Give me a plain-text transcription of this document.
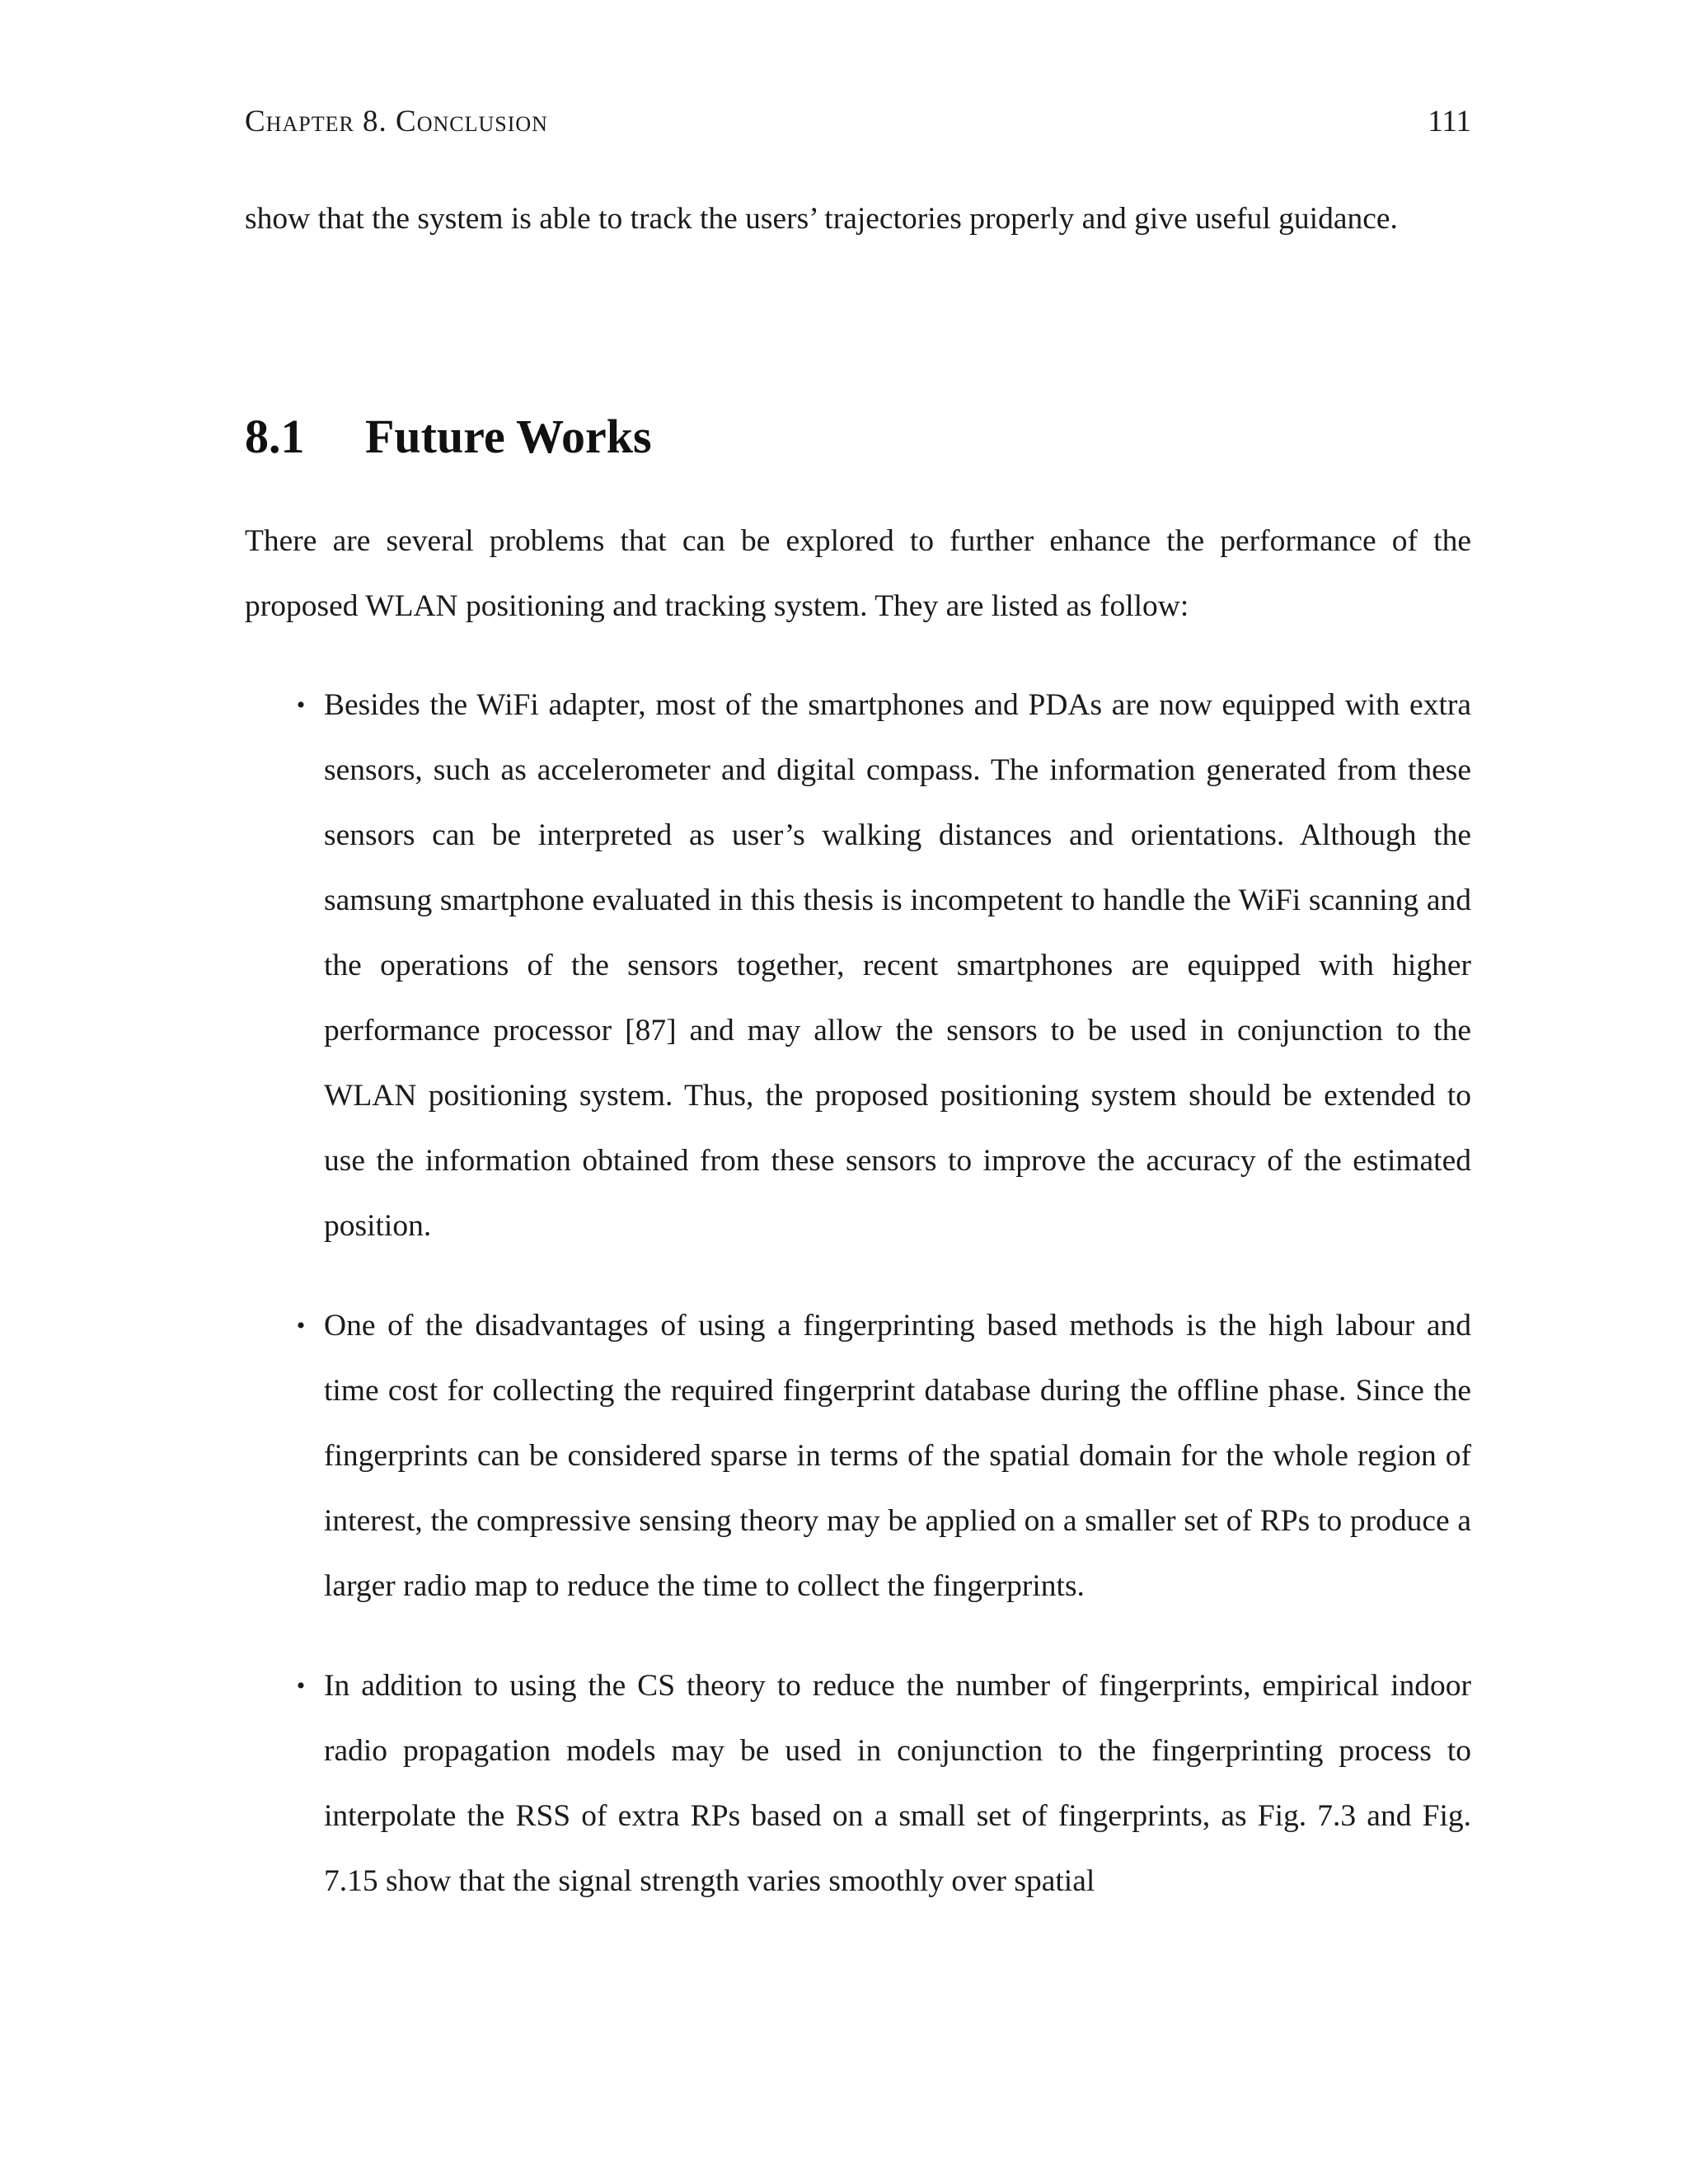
Chapter 8. Conclusion	111

show that the system is able to track the users’ trajectories properly and give useful guidance.

8.1 Future Works

There are several problems that can be explored to further enhance the performance of the proposed WLAN positioning and tracking system. They are listed as follow:

• Besides the WiFi adapter, most of the smartphones and PDAs are now equipped with extra sensors, such as accelerometer and digital compass. The information generated from these sensors can be interpreted as user’s walking distances and orientations. Although the samsung smartphone evaluated in this thesis is incompetent to handle the WiFi scanning and the operations of the sensors together, recent smartphones are equipped with higher performance processor [87] and may allow the sensors to be used in conjunction to the WLAN positioning system. Thus, the proposed positioning system should be extended to use the information obtained from these sensors to improve the accuracy of the estimated position.
• One of the disadvantages of using a fingerprinting based methods is the high labour and time cost for collecting the required fingerprint database during the offline phase. Since the fingerprints can be considered sparse in terms of the spatial domain for the whole region of interest, the compressive sensing theory may be applied on a smaller set of RPs to produce a larger radio map to reduce the time to collect the fingerprints.
• In addition to using the CS theory to reduce the number of fingerprints, empirical indoor radio propagation models may be used in conjunction to the fingerprinting process to interpolate the RSS of extra RPs based on a small set of fingerprints, as Fig. 7.3 and Fig. 7.15 show that the signal strength varies smoothly over spatial
